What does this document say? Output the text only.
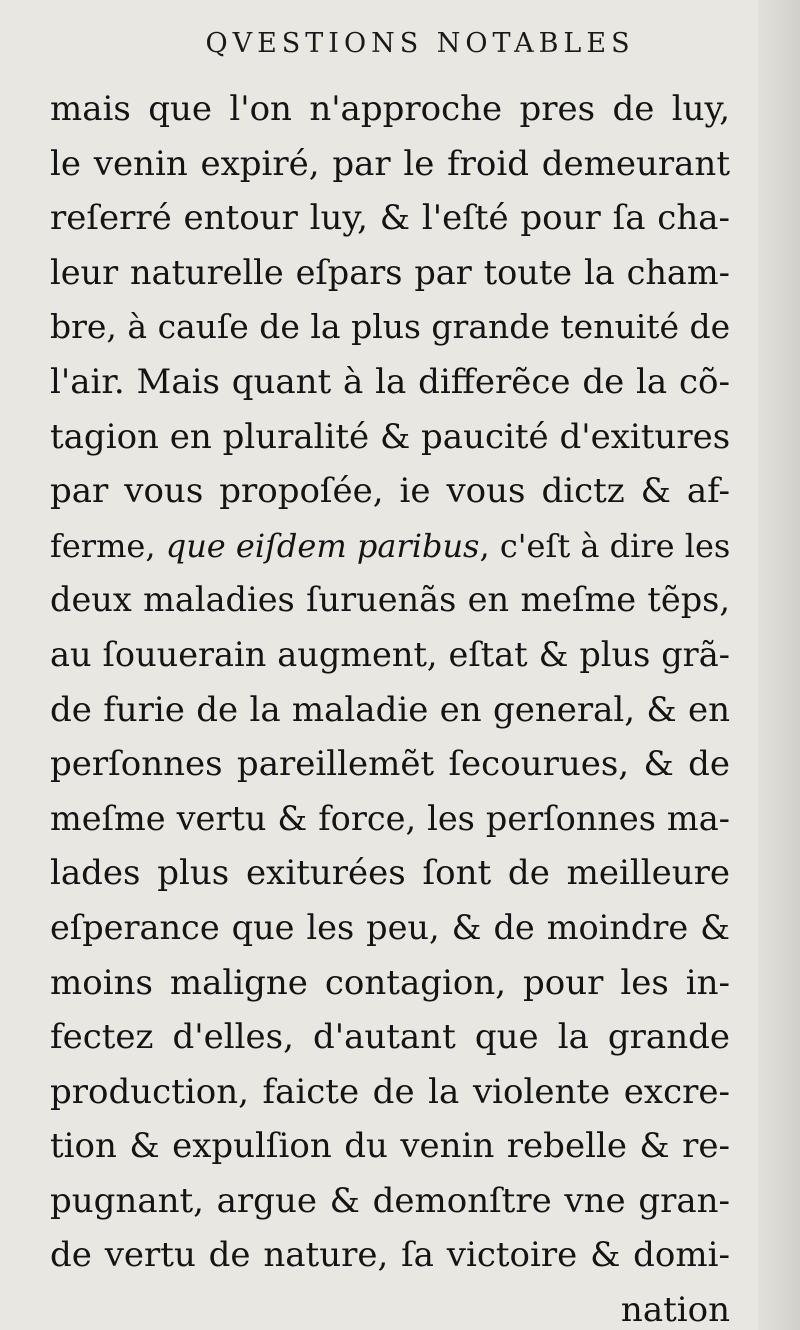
QVESTIONS NOTABLES
mais que l'on n'approche pres de luy,
le venin expiré, par le froid demeurant
reſerré entour luy, & l'eſté pour ſa cha-
leur naturelle eſpars par toute la cham-
bre, à cauſe de la plus grande tenuité de
l'air. Mais quant à la differẽce de la cõ-
tagion en pluralité & paucité d'exitures
par vous propoſée, ie vous dictz & af-
ferme, que eiſdem paribus, c'eſt à dire les
deux maladies ſuruenãs en meſme tẽps,
au ſouuerain augment, eſtat & plus grã-
de furie de la maladie en general, & en
perſonnes pareillemẽt ſecourues, & de
meſme vertu & force, les perſonnes ma-
lades plus exiturées ſont de meilleure
eſperance que les peu, & de moindre &
moins maligne contagion, pour les in-
fectez d'elles, d'autant que la grande
production, faicte de la violente excre-
tion & expulſion du venin rebelle & re-
pugnant, argue & demonſtre vne gran-
de vertu de nature, ſa victoire & domi-
nation
